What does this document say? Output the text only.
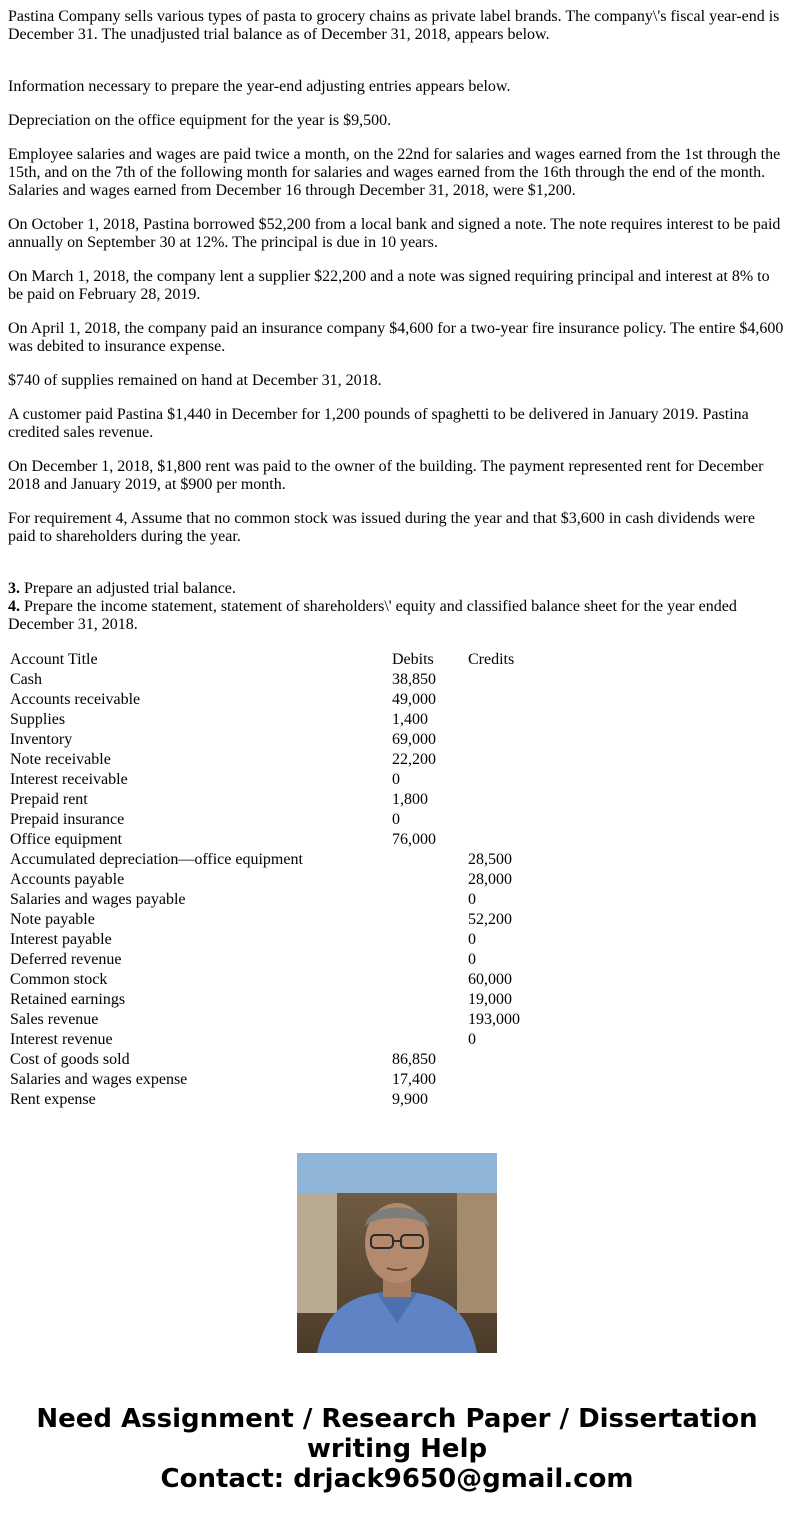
Pastina Company sells various types of pasta to grocery chains as private label brands. The company\'s fiscal year-end is December 31. The unadjusted trial balance as of December 31, 2018, appears below.

Information necessary to prepare the year-end adjusting entries appears below.

Depreciation on the office equipment for the year is $9,500.

Employee salaries and wages are paid twice a month, on the 22nd for salaries and wages earned from the 1st through the 15th, and on the 7th of the following month for salaries and wages earned from the 16th through the end of the month. Salaries and wages earned from December 16 through December 31, 2018, were $1,200.

On October 1, 2018, Pastina borrowed $52,200 from a local bank and signed a note. The note requires interest to be paid annually on September 30 at 12%. The principal is due in 10 years.

On March 1, 2018, the company lent a supplier $22,200 and a note was signed requiring principal and interest at 8% to be paid on February 28, 2019.

On April 1, 2018, the company paid an insurance company $4,600 for a two-year fire insurance policy. The entire $4,600 was debited to insurance expense.

$740 of supplies remained on hand at December 31, 2018.

A customer paid Pastina $1,440 in December for 1,200 pounds of spaghetti to be delivered in January 2019. Pastina credited sales revenue.

On December 1, 2018, $1,800 rent was paid to the owner of the building. The payment represented rent for December 2018 and January 2019, at $900 per month.

For requirement 4, Assume that no common stock was issued during the year and that $3,600 in cash dividends were paid to shareholders during the year.

3. Prepare an adjusted trial balance.
4. Prepare the income statement, statement of shareholders\' equity and classified balance sheet for the year ended December 31, 2018.
Account Title	Debits	Credits
Cash	38,850	
Accounts receivable	49,000	
Supplies	1,400	
Inventory	69,000	
Note receivable	22,200	
Interest receivable	0	
Prepaid rent	1,800	
Prepaid insurance	0	
Office equipment	76,000	
Accumulated depreciation—office equipment		28,500
Accounts payable		28,000
Salaries and wages payable		0
Note payable		52,200
Interest payable		0
Deferred revenue		0
Common stock		60,000
Retained earnings		19,000
Sales revenue		193,000
Interest revenue		0
Cost of goods sold	86,850	
Salaries and wages expense	17,400	
Rent expense	9,900	
Need Assignment / Research Paper / Dissertation writing Help
Contact: drjack9650@gmail.com
